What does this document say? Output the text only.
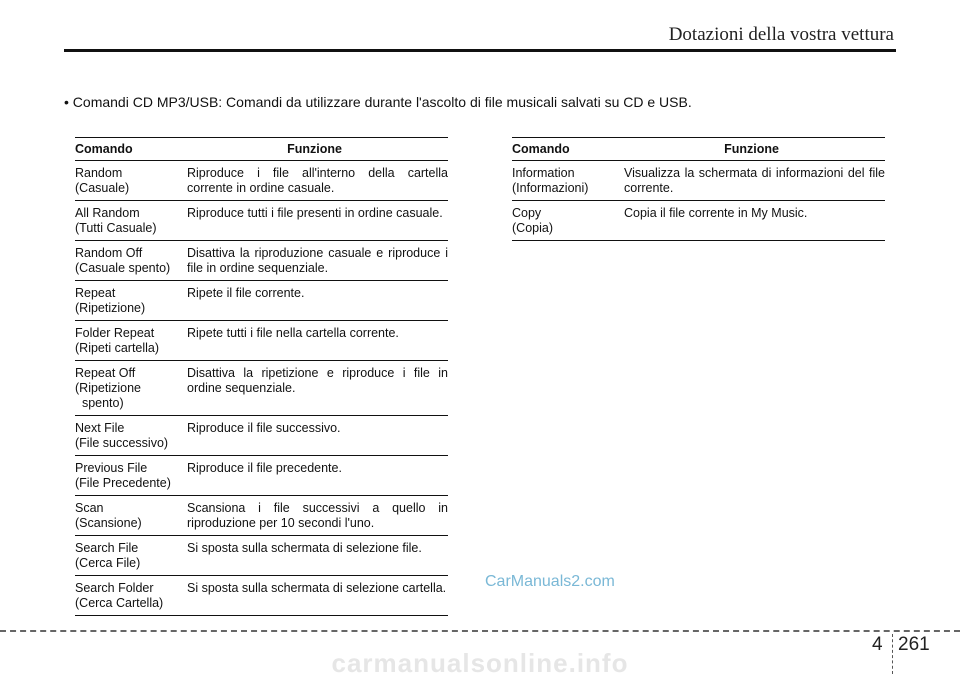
Dotazioni della vostra vettura
• Comandi CD MP3/USB: Comandi da utilizzare durante l'ascolto di file musicali salvati su CD e USB.
Comando	Funzione
Random
(Casuale)	Riproduce i file all'interno della cartella corrente in ordine casuale.
All Random
(Tutti Casuale)	Riproduce tutti i file presenti in ordine casuale.
Random Off
(Casuale spento)	Disattiva la riproduzione casuale e riproduce i file in ordine sequenziale.
Repeat
(Ripetizione)	Ripete il file corrente.
Folder Repeat
(Ripeti cartella)	Ripete tutti i file nella cartella corrente.
Repeat Off
(Ripetizione
spento)	Disattiva la ripetizione e riproduce i file in ordine sequenziale.
Next File
(File successivo)	Riproduce il file successivo.
Previous File
(File Precedente)	Riproduce il file precedente.
Scan
(Scansione)	Scansiona i file successivi a quello in riproduzione per 10 secondi l'uno.
Search File
(Cerca File)	Si sposta sulla schermata di selezione file.
Search Folder
(Cerca Cartella)	Si sposta sulla schermata di selezione cartella.
Comando	Funzione
Information
(Informazioni)	Visualizza la schermata di informazioni del file corrente.
Copy
(Copia)	Copia il file corrente in My Music.
CarManuals2.com
4 261
carmanualsonline.info
